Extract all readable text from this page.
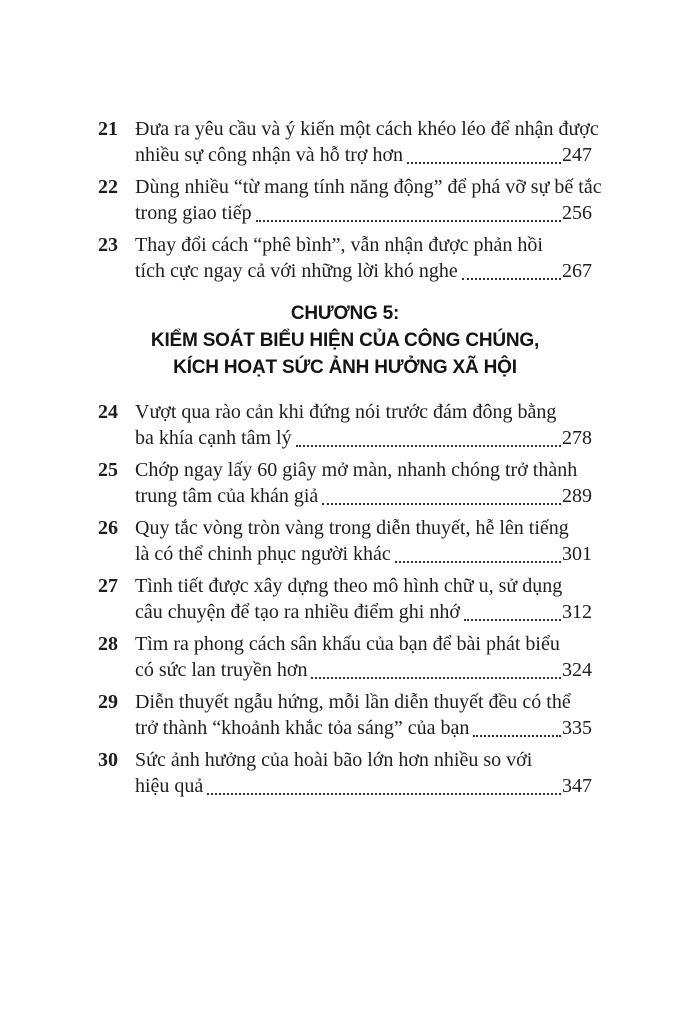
21 Đưa ra yêu cầu và ý kiến một cách khéo léo để nhận được
nhiều sự công nhận và hỗ trợ hơn	247
22 Dùng nhiều “từ mang tính năng động” để phá vỡ sự bế tắc
trong giao tiếp	256
23 Thay đổi cách “phê bình”, vẫn nhận được phản hồi
tích cực ngay cả với những lời khó nghe	267
CHƯƠNG 5:
KIỂM SOÁT BIỂU HIỆN CỦA CÔNG CHÚNG,
KÍCH HOẠT SỨC ẢNH HƯỞNG XÃ HỘI
24 Vượt qua rào cản khi đứng nói trước đám đông bằng
ba khía cạnh tâm lý	278
25 Chớp ngay lấy 60 giây mở màn, nhanh chóng trở thành
trung tâm của khán giả	289
26 Quy tắc vòng tròn vàng trong diễn thuyết, hễ lên tiếng
là có thể chinh phục người khác	301
27 Tình tiết được xây dựng theo mô hình chữ u, sử dụng
câu chuyện để tạo ra nhiều điểm ghi nhớ	312
28 Tìm ra phong cách sân khấu của bạn để bài phát biểu
có sức lan truyền hơn	324
29 Diễn thuyết ngẫu hứng, mỗi lần diễn thuyết đều có thể
trở thành “khoảnh khắc tỏa sáng” của bạn	335
30 Sức ảnh hưởng của hoài bão lớn hơn nhiều so với
hiệu quả	347
